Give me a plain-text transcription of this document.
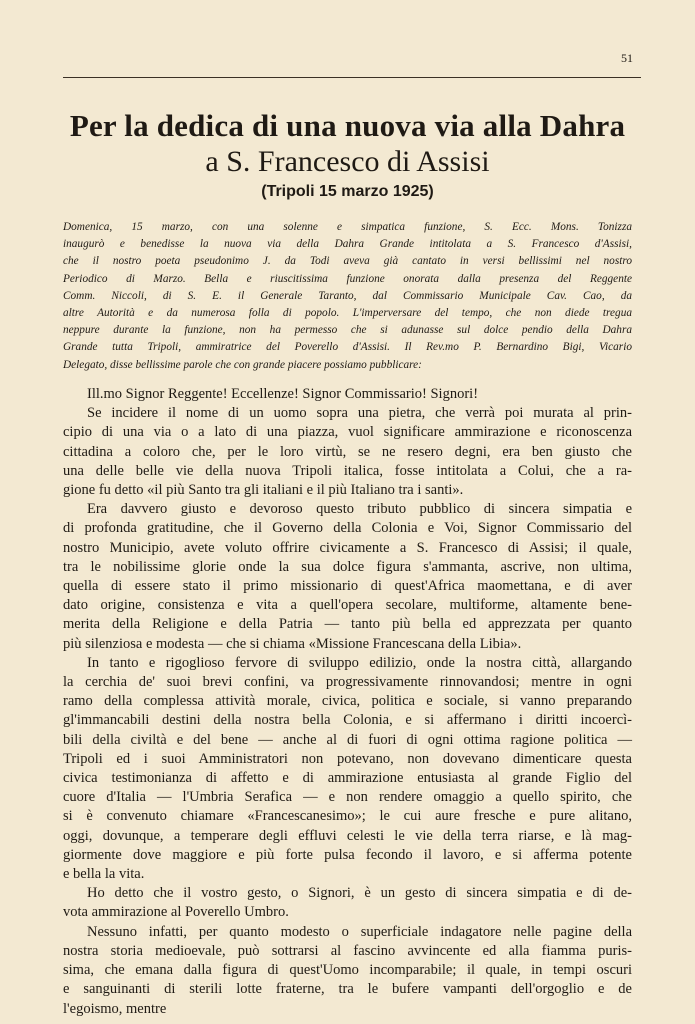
51
Per la dedica di una nuova via alla Dahra
a S. Francesco di Assisi
(Tripoli 15 marzo 1925)
Domenica, 15 marzo, con una solenne e simpatica funzione, S. Ecc. Mons. Tonizza
inaugurò e benedisse la nuova via della Dahra Grande intitolata a S. Francesco d'Assisi,
che il nostro poeta pseudonimo J. da Todi aveva già cantato in versi bellissimi nel nostro
Periodico di Marzo. Bella e riuscitissima funzione onorata dalla presenza del Reggente
Comm. Niccoli, di S. E. il Generale Taranto, dal Commissario Municipale Cav. Cao, da
altre Autorità e da numerosa folla di popolo. L'imperversare del tempo, che non diede tregua
neppure durante la funzione, non ha permesso che si adunasse sul dolce pendio della Dahra
Grande tutta Tripoli, ammiratrice del Poverello d'Assisi. Il Rev.mo P. Bernardino Bigi, Vicario
Delegato, disse bellissime parole che con grande piacere possiamo pubblicare:
Ill.mo Signor Reggente! Eccellenze! Signor Commissario! Signori!
Se incidere il nome di un uomo sopra una pietra, che verrà poi murata al prin-
cipio di una via o a lato di una piazza, vuol significare ammirazione e riconoscenza
cittadina a coloro che, per le loro virtù, se ne resero degni, era ben giusto che
una delle belle vie della nuova Tripoli italica, fosse intitolata a Colui, che a ra-
gione fu detto «il più Santo tra gli italiani e il più Italiano tra i santi».
Era davvero giusto e devoroso questo tributo pubblico di sincera simpatia e
di profonda gratitudine, che il Governo della Colonia e Voi, Signor Commissario del
nostro Municipio, avete voluto offrire civicamente a S. Francesco di Assisi; il quale,
tra le nobilissime glorie onde la sua dolce figura s'ammanta, ascrive, non ultima,
quella di essere stato il primo missionario di quest'Africa maomettana, e di aver
dato origine, consistenza e vita a quell'opera secolare, multiforme, altamente bene-
merita della Religione e della Patria — tanto più bella ed apprezzata per quanto
più silenziosa e modesta — che si chiama «Missione Francescana della Libia».
In tanto e rigoglioso fervore di sviluppo edilizio, onde la nostra città, allargando
la cerchia de' suoi brevi confini, va progressivamente rinnovandosi; mentre in ogni
ramo della complessa attività morale, civica, politica e sociale, si vanno preparando
gl'immancabili destini della nostra bella Colonia, e si affermano i diritti incoercì-
bili della civiltà e del bene — anche al di fuori di ogni ottima ragione politica —
Tripoli ed i suoi Amministratori non potevano, non dovevano dimenticare questa
civica testimonianza di affetto e di ammirazione entusiasta al grande Figlio del
cuore d'Italia — l'Umbria Serafica — e non rendere omaggio a quello spirito, che
si è convenuto chiamare «Francescanesimo»; le cui aure fresche e pure alitano,
oggi, dovunque, a temperare degli effluvi celesti le vie della terra riarse, e là mag-
giormente dove maggiore e più forte pulsa fecondo il lavoro, e si afferma potente
e bella la vita.
Ho detto che il vostro gesto, o Signori, è un gesto di sincera simpatia e di de-
vota ammirazione al Poverello Umbro.
Nessuno infatti, per quanto modesto o superficiale indagatore nelle pagine della
nostra storia medioevale, può sottrarsi al fascino avvincente ed alla fiamma puris-
sima, che emana dalla figura di quest'Uomo incomparabile; il quale, in tempi oscuri
e sanguinanti di sterili lotte fraterne, tra le bufere vampanti dell'orgoglio e de
l'egoismo, mentre
